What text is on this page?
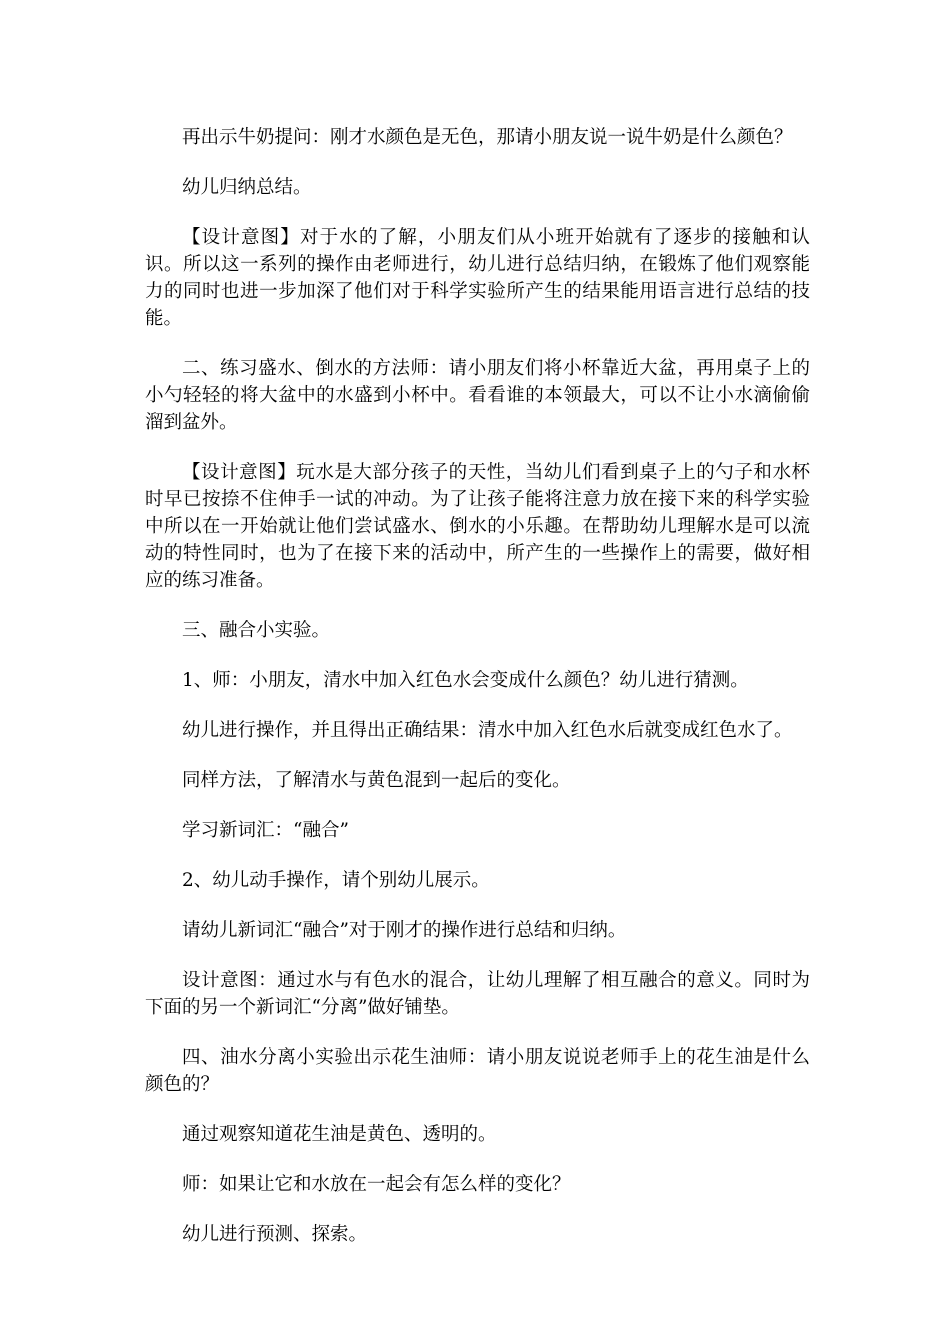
再出示牛奶提问：刚才水颜色是无色，那请小朋友说一说牛奶是什么颜色？

幼儿归纳总结。

【设计意图】对于水的了解，小朋友们从小班开始就有了逐步的接触和认识。所以这一系列的操作由老师进行，幼儿进行总结归纳，在锻炼了他们观察能力的同时也进一步加深了他们对于科学实验所产生的结果能用语言进行总结的技能。

二、练习盛水、倒水的方法师：请小朋友们将小杯靠近大盆，再用桌子上的小勺轻轻的将大盆中的水盛到小杯中。看看谁的本领最大，可以不让小水滴偷偷溜到盆外。

【设计意图】玩水是大部分孩子的天性，当幼儿们看到桌子上的勺子和水杯时早已按捺不住伸手一试的冲动。为了让孩子能将注意力放在接下来的科学实验中所以在一开始就让他们尝试盛水、倒水的小乐趣。在帮助幼儿理解水是可以流动的特性同时，也为了在接下来的活动中，所产生的一些操作上的需要，做好相应的练习准备。

三、融合小实验。

1、师：小朋友，清水中加入红色水会变成什么颜色？幼儿进行猜测。

幼儿进行操作，并且得出正确结果：清水中加入红色水后就变成红色水了。

同样方法，了解清水与黄色混到一起后的变化。

学习新词汇：“融合”

2、幼儿动手操作，请个别幼儿展示。

请幼儿新词汇“融合”对于刚才的操作进行总结和归纳。

设计意图：通过水与有色水的混合，让幼儿理解了相互融合的意义。同时为下面的另一个新词汇“分离”做好铺垫。

四、油水分离小实验出示花生油师：请小朋友说说老师手上的花生油是什么颜色的？

通过观察知道花生油是黄色、透明的。

师：如果让它和水放在一起会有怎么样的变化？

幼儿进行预测、探索。
